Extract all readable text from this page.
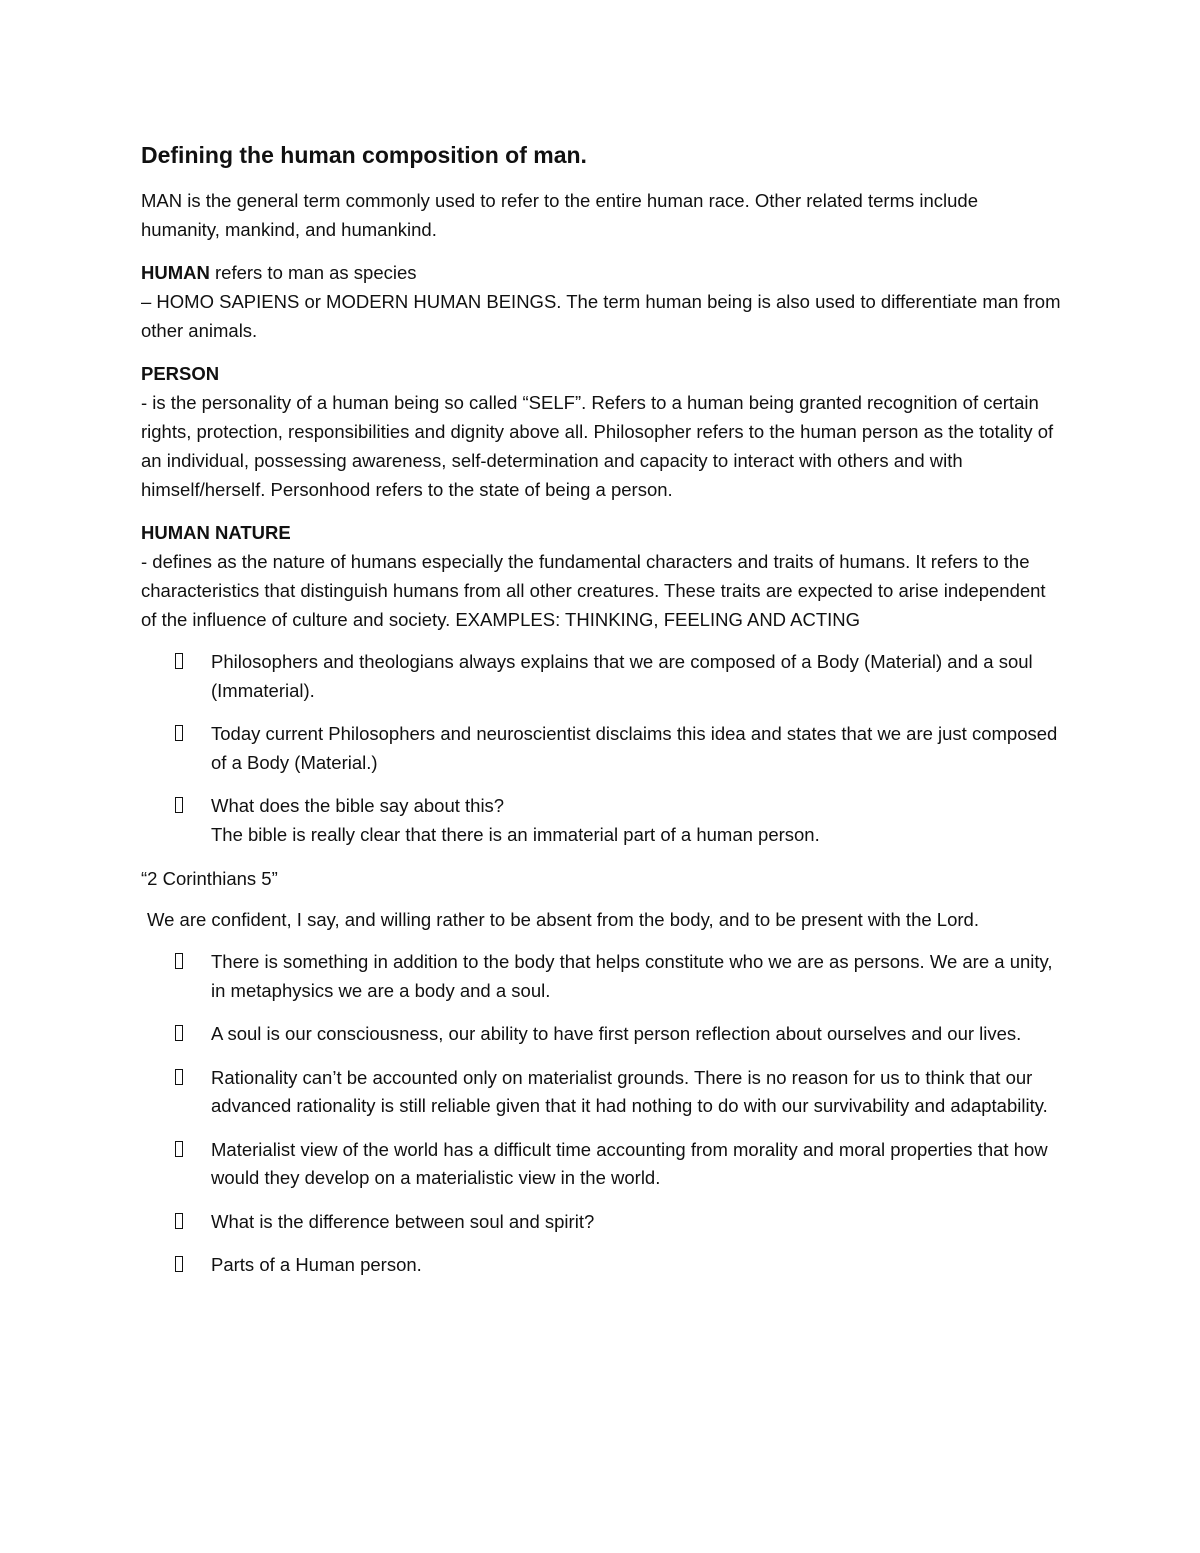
Defining the human composition of man.

MAN is the general term commonly used to refer to the entire human race. Other related terms include humanity, mankind, and humankind.

HUMAN refers to man as species
– HOMO SAPIENS or MODERN HUMAN BEINGS. The term human being is also used to differentiate man from other animals.
PERSON
- is the personality of a human being so called “SELF”. Refers to a human being granted recognition of certain rights, protection, responsibilities and dignity above all. Philosopher refers to the human person as the totality of an individual, possessing awareness, self-determination and capacity to interact with others and with himself/herself. Personhood refers to the state of being a person.
HUMAN NATURE
- defines as the nature of humans especially the fundamental characters and traits of humans. It refers to the characteristics that distinguish humans from all other creatures. These traits are expected to arise independent of the influence of culture and society. EXAMPLES: THINKING, FEELING AND ACTING
Philosophers and theologians always explains that we are composed of a Body (Material) and a soul (Immaterial).
Today current Philosophers and neuroscientist disclaims this idea and states that we are just composed of a Body (Material.)
What does the bible say about this?
The bible is really clear that there is an immaterial part of a human person.

“2 Corinthians 5”

We are confident, I say, and willing rather to be absent from the body, and to be present with the Lord.

There is something in addition to the body that helps constitute who we are as persons. We are a unity, in metaphysics we are a body and a soul.
A soul is our consciousness, our ability to have first person reflection about ourselves and our lives.
Rationality can’t be accounted only on materialist grounds. There is no reason for us to think that our advanced rationality is still reliable given that it had nothing to do with our survivability and adaptability.
Materialist view of the world has a difficult time accounting from morality and moral properties that how would they develop on a materialistic view in the world.
What is the difference between soul and spirit?
Parts of a Human person.
